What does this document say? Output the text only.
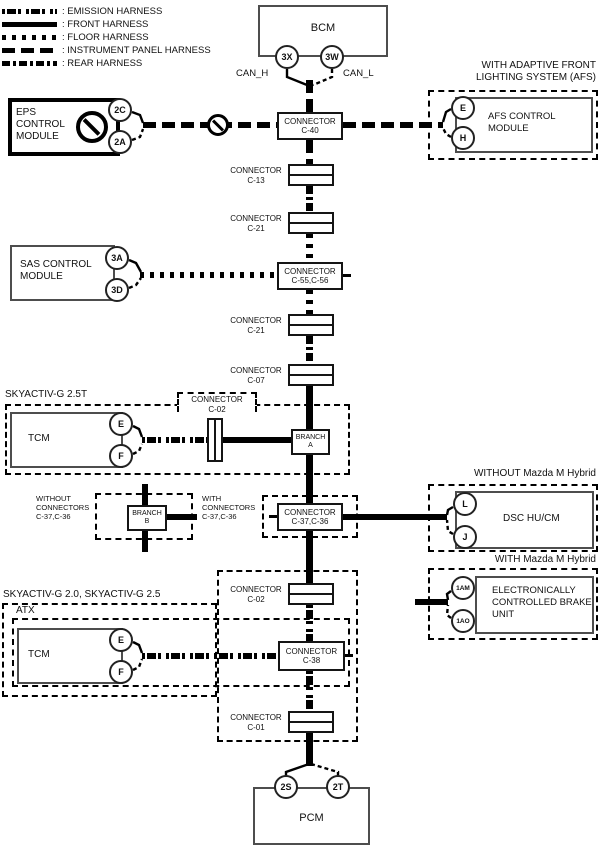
CONNECTOR
C-40
CONNECTOR
C-55,C-56
CONNECTOR
C-37,C-36
CONNECTOR
C-38
BRANCH
A
BRANCH
B
3X	3W
2C
2A
E
H
3A
3D
E
F
L
J
1AM
1AO
E
F
2S	2T
: EMISSION HARNESS
: FRONT HARNESS
: FLOOR HARNESS
: INSTRUMENT PANEL HARNESS
: REAR HARNESS
BCM
CAN_H	CAN_L
EPS CONTROL MODULE
WITH ADAPTIVE FRONT
LIGHTING SYSTEM (AFS)
AFS CONTROL MODULE
SAS CONTROL MODULE
CONNECTOR
C-13
CONNECTOR
C-21
CONNECTOR
C-21
CONNECTOR
C-07
SKYACTIV-G 2.5T	CONNECTOR
C-02
TCM
WITHOUT
CONNECTORS
C-37,C-36
WITH
CONNECTORS
C-37,C-36
WITHOUT Mazda M Hybrid
DSC HU/CM
WITH Mazda M Hybrid
ELECTRONICALLY CONTROLLED BRAKE UNIT
SKYACTIV-G 2.0, SKYACTIV-G 2.5
ATX
TCM
CONNECTOR
C-02
CONNECTOR
C-01
PCM
